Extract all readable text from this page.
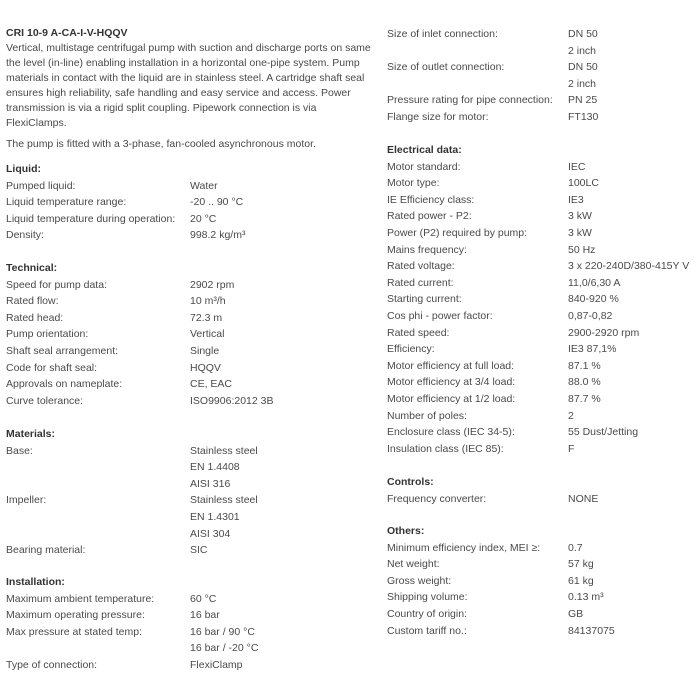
CRI 10-9 A-CA-I-V-HQQV
Vertical, multistage centrifugal pump with suction and discharge ports on same the level (in-line) enabling installation in a horizontal one-pipe system. Pump materials in contact with the liquid are in stainless steel. A cartridge shaft seal ensures high reliability, safe handling and easy service and access. Power transmission is via a rigid split coupling. Pipework connection is via FlexiClamps.
The pump is fitted with a 3-phase, fan-cooled asynchronous motor.
Liquid:
Pumped liquid:	Water
Liquid temperature range:	-20 .. 90 °C
Liquid temperature during operation:	20 °C
Density:	998.2 kg/m³
Technical:
Speed for pump data:	2902 rpm
Rated flow:	10 m³/h
Rated head:	72.3 m
Pump orientation:	Vertical
Shaft seal arrangement:	Single
Code for shaft seal:	HQQV
Approvals on nameplate:	CE, EAC
Curve tolerance:	ISO9906:2012 3B
Materials:
Base:	Stainless steel
EN 1.4408
AISI 316
Impeller:	Stainless steel
EN 1.4301
AISI 304
Bearing material:	SIC
Installation:
Maximum ambient temperature:	60 °C
Maximum operating pressure:	16 bar
Max pressure at stated temp:	16 bar / 90 °C
16 bar / -20 °C
Type of connection:	FlexiClamp
Size of inlet connection:	DN 50
2 inch
Size of outlet connection:	DN 50
2 inch
Pressure rating for pipe connection:	PN 25
Flange size for motor:	FT130
Electrical data:
Motor standard:	IEC
Motor type:	100LC
IE Efficiency class:	IE3
Rated power - P2:	3 kW
Power (P2) required by pump:	3 kW
Mains frequency:	50 Hz
Rated voltage:	3 x 220-240D/380-415Y V
Rated current:	11,0/6,30 A
Starting current:	840-920 %
Cos phi - power factor:	0,87-0,82
Rated speed:	2900-2920 rpm
Efficiency:	IE3 87,1%
Motor efficiency at full load:	87.1 %
Motor efficiency at 3/4 load:	88.0 %
Motor efficiency at 1/2 load:	87.7 %
Number of poles:	2
Enclosure class (IEC 34-5):	55 Dust/Jetting
Insulation class (IEC 85):	F
Controls:
Frequency converter:	NONE
Others:
Minimum efficiency index, MEI ≥:	0.7
Net weight:	57 kg
Gross weight:	61 kg
Shipping volume:	0.13 m³
Country of origin:	GB
Custom tariff no.:	84137075
